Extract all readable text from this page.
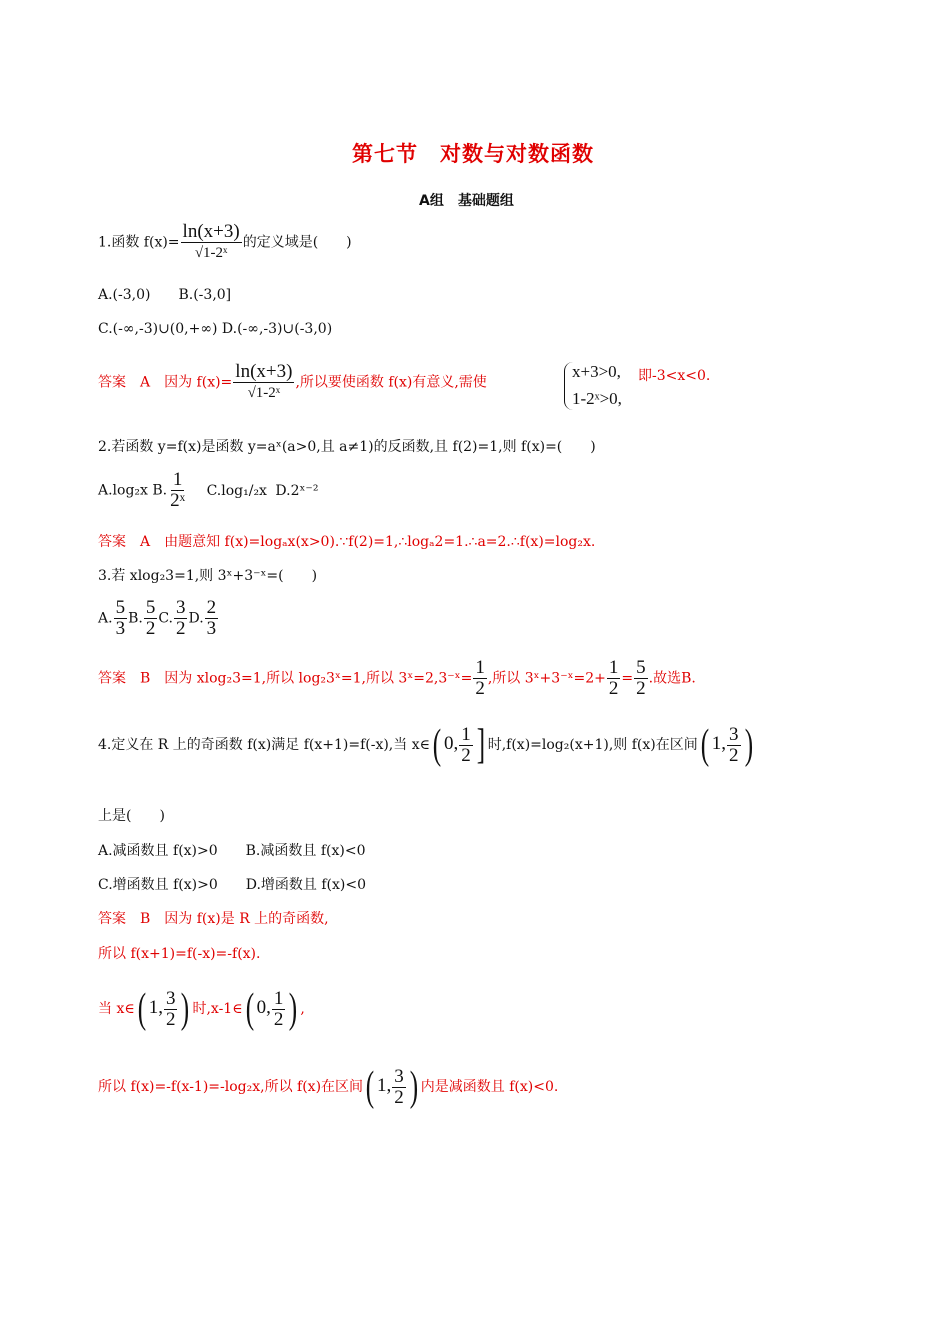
第七节　对数与对数函数
A组　基础题组
1.函数 $f(x)= \frac{\ln(x+3)}{\text{√1-2ˣ}}$ 的定义域是(　　)
A.(-3,0)　　B.(-3,0]
C.(-∞,-3)∪(0,+∞) D.(-∞,-3)∪(-3,0)
答案　A　因为 $f(x)= \frac{\ln(x+3)}{\text{√1-2ˣ}}$ ,所以要使函数 f(x)有意义,需使
x+3>0,
1-2ˣ>0,
即-3<x<0.
2.若函数 y=f(x)是函数 y=aˣ(a>0,且 a≠1)的反函数,且 f(2)=1,则 f(x)=(　　)
A.log₂x B. $\frac{1}{\text{2ˣ}} C.\log_1/_2x$ D.2ˣ⁻²
答案　A　由题意知 f(x)=logₐx(x>0).∵f(2)=1,∴logₐ2=1.∴a=2.∴f(x)=log₂x.
3.若 xlog₂3=1,则 3ˣ+3⁻ˣ=(　　)
A. $\frac{5}{3} B$. $\frac{5}{2} C$. $\frac{3}{2} D$. $\frac{2}{3}$
答案　B　因为 xlog₂3=1,所以 log₂3ˣ=1,所以 3ˣ=2,3⁻ˣ= $\frac{1}{2}$ ,所以 3ˣ+3⁻ˣ=2+ $\frac{1}{2} = \frac{5}{2}$ .故选B.
4.定义在 R 上的奇函数 f(x)满足 f(x+1)=f(-x),当 x∈( 0, $\frac{1}{2}$ ] 时,f(x)=log₂(x+1),则 f(x)在区间( 1, $\frac{3}{2}$ )
上是(　　)
A.减函数且 f(x)>0　　B.减函数且 f(x)<0
C.增函数且 f(x)>0　　D.增函数且 f(x)<0
答案　B　因为 f(x)是 R 上的奇函数,
所以 f(x+1)=f(-x)=-f(x).
当 x∈( 1, $\frac{3}{2}$ ) 时,x-1∈( 0, $\frac{1}{2}$ ) ,
所以 f(x)=-f(x-1)=-log₂x,所以 f(x)在区间( 1, $\frac{3}{2}$ ) 内是减函数且 f(x)<0.
